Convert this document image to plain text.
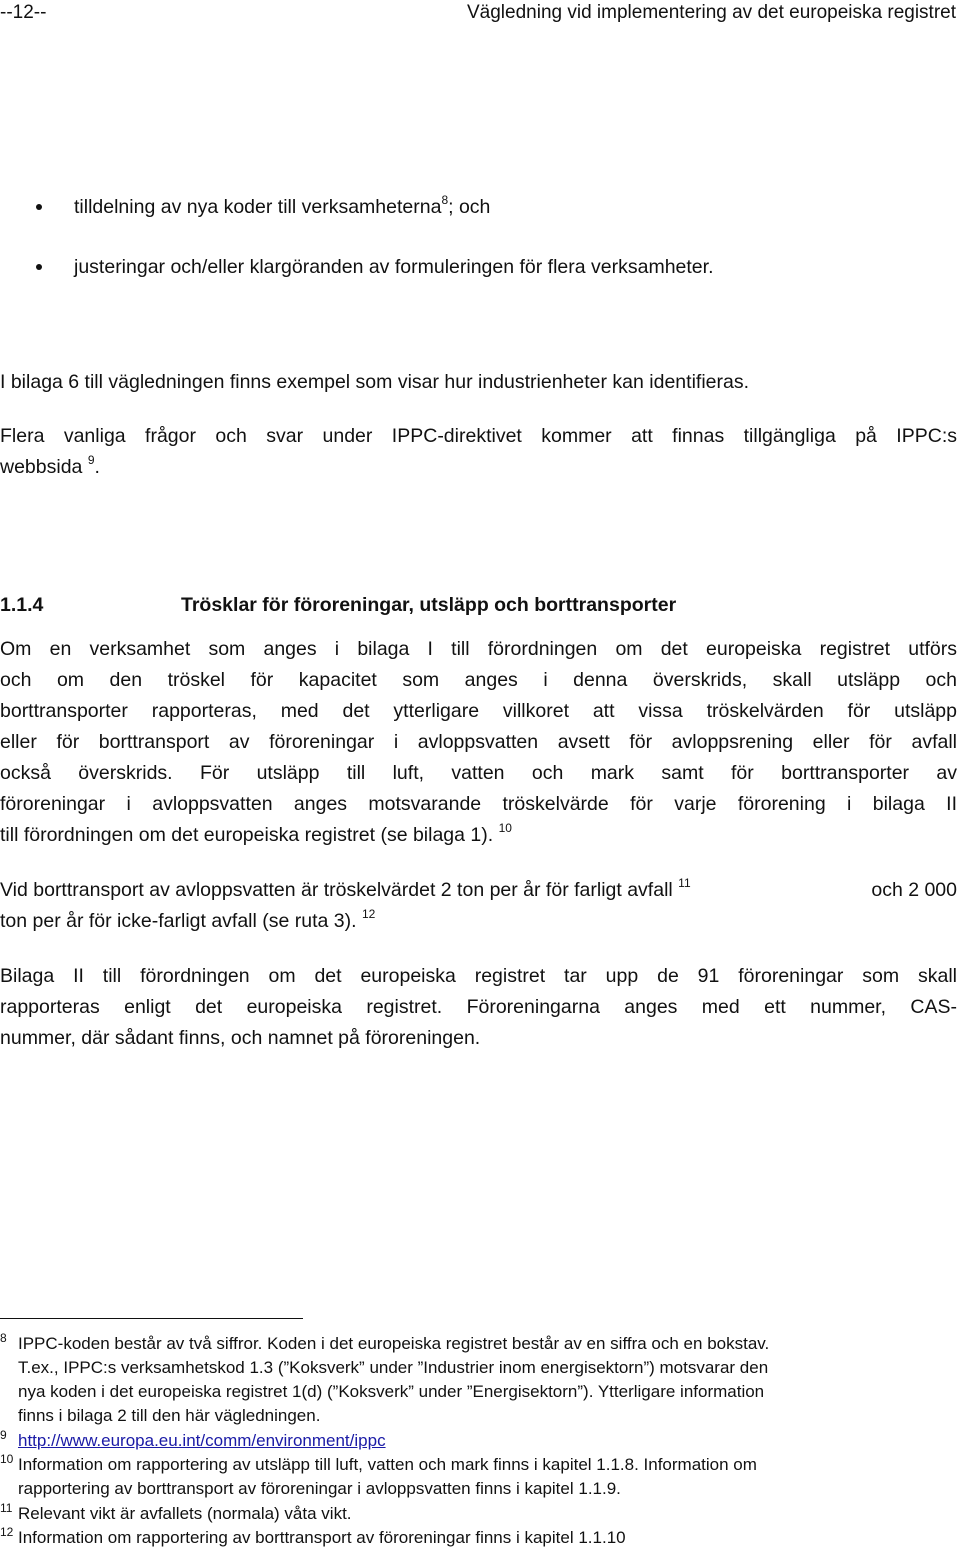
--12--	Vägledning vid implementering av det europeiska registret
tilldelning av nya koder till verksamheterna$^8$; och
justeringar och/eller klargöranden av formuleringen för flera verksamheter.
I bilaga 6 till vägledningen finns exempel som visar hur industrienheter kan identifieras.
Flera vanliga frågor och svar under IPPC-direktivet kommer att finnas tillgängliga på IPPC:s
webbsida $^9$.
1.1.4	Trösklar för föroreningar, utsläpp och borttransporter
Om en verksamhet som anges i bilaga I till förordningen om det europeiska registret utförs
och om den tröskel för kapacitet som anges i denna överskrids, skall utsläpp och
borttransporter rapporteras, med det ytterligare villkoret att vissa tröskelvärden för utsläpp
eller för borttransport av föroreningar i avloppsvatten avsett för avloppsrening eller för avfall
också överskrids. För utsläpp till luft, vatten och mark samt för borttransporter av
föroreningar i avloppsvatten anges motsvarande tröskelvärde för varje förorening i bilaga II
till förordningen om det europeiska registret (se bilaga 1). $^{10}$
Vid borttransport av avloppsvatten är tröskelvärdet 2 ton per år för farligt avfall $^{11}$	och 2 000
ton per år för icke-farligt avfall (se ruta 3). $^{12}$
Bilaga II till förordningen om det europeiska registret tar upp de 91 föroreningar som skall
rapporteras enligt det europeiska registret. Föroreningarna anges med ett nummer, CAS-
nummer, där sådant finns, och namnet på föroreningen.
8 IPPC-koden består av två siffror. Koden i det europeiska registret består av en siffra och en bokstav.
T.ex., IPPC:s verksamhetskod 1.3 (”Koksverk” under ”Industrier inom energisektorn”) motsvarar den
nya koden i det europeiska registret 1(d) (”Koksverk” under ”Energisektorn”). Ytterligare information
finns i bilaga 2 till den här vägledningen.
9 http://www.europa.eu.int/comm/environment/ippc
10 Information om rapportering av utsläpp till luft, vatten och mark finns i kapitel 1.1.8. Information om
rapportering av borttransport av föroreningar i avloppsvatten finns i kapitel 1.1.9.
11 Relevant vikt är avfallets (normala) våta vikt.
12 Information om rapportering av borttransport av föroreningar finns i kapitel 1.1.10
